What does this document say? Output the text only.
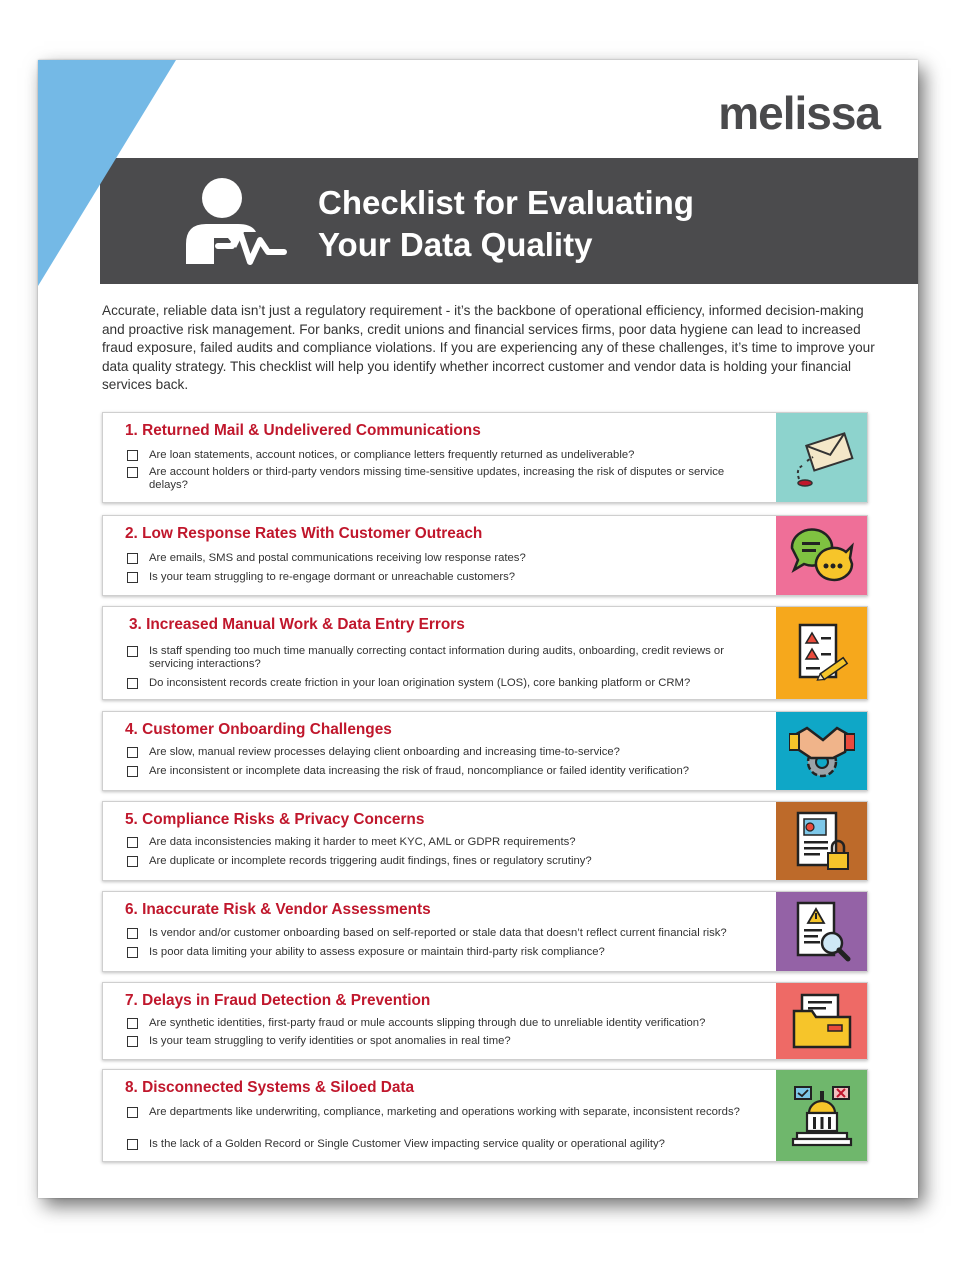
Checklist for Evaluating
Your Data Quality
melissa
Accurate, reliable data isn’t just a regulatory requirement - it’s the backbone of operational efficiency, informed decision-making and proactive risk management. For banks, credit unions and financial services firms, poor data hygiene can lead to increased fraud exposure, failed audits and compliance violations. If you are experiencing any of these challenges, it’s time to improve your data quality strategy. This checklist will help you identify whether incorrect customer and vendor data is holding your financial services back.
1. Returned Mail & Undelivered Communications
Are loan statements, account notices, or compliance letters frequently returned as undeliverable?
Are account holders or third-party vendors missing time-sensitive updates, increasing the risk of disputes or service delays?
2. Low Response Rates With Customer Outreach
Are emails, SMS and postal communications receiving low response rates?
Is your team struggling to re-engage dormant or unreachable customers?
3. Increased Manual Work & Data Entry Errors
Is staff spending too much time manually correcting contact information during audits, onboarding, credit reviews or servicing interactions?
Do inconsistent records create friction in your loan origination system (LOS), core banking platform or CRM?
4. Customer Onboarding Challenges
Are slow, manual review processes delaying client onboarding and increasing time-to-service?
Are inconsistent or incomplete data increasing the risk of fraud, noncompliance or failed identity verification?
5. Compliance Risks & Privacy Concerns
Are data inconsistencies making it harder to meet KYC, AML or GDPR requirements?
Are duplicate or incomplete records triggering audit findings, fines or regulatory scrutiny?
6. Inaccurate Risk & Vendor Assessments
Is vendor and/or customer onboarding based on self-reported or stale data that doesn’t reflect current financial risk?
Is poor data limiting your ability to assess exposure or maintain third-party risk compliance?
7. Delays in Fraud Detection & Prevention
Are synthetic identities, first-party fraud or mule accounts slipping through due to unreliable identity verification?
Is your team struggling to verify identities or spot anomalies in real time?
8. Disconnected Systems & Siloed Data
Are departments like underwriting, compliance, marketing and operations working with separate, inconsistent records?
Is the lack of a Golden Record or Single Customer View impacting service quality or operational agility?
